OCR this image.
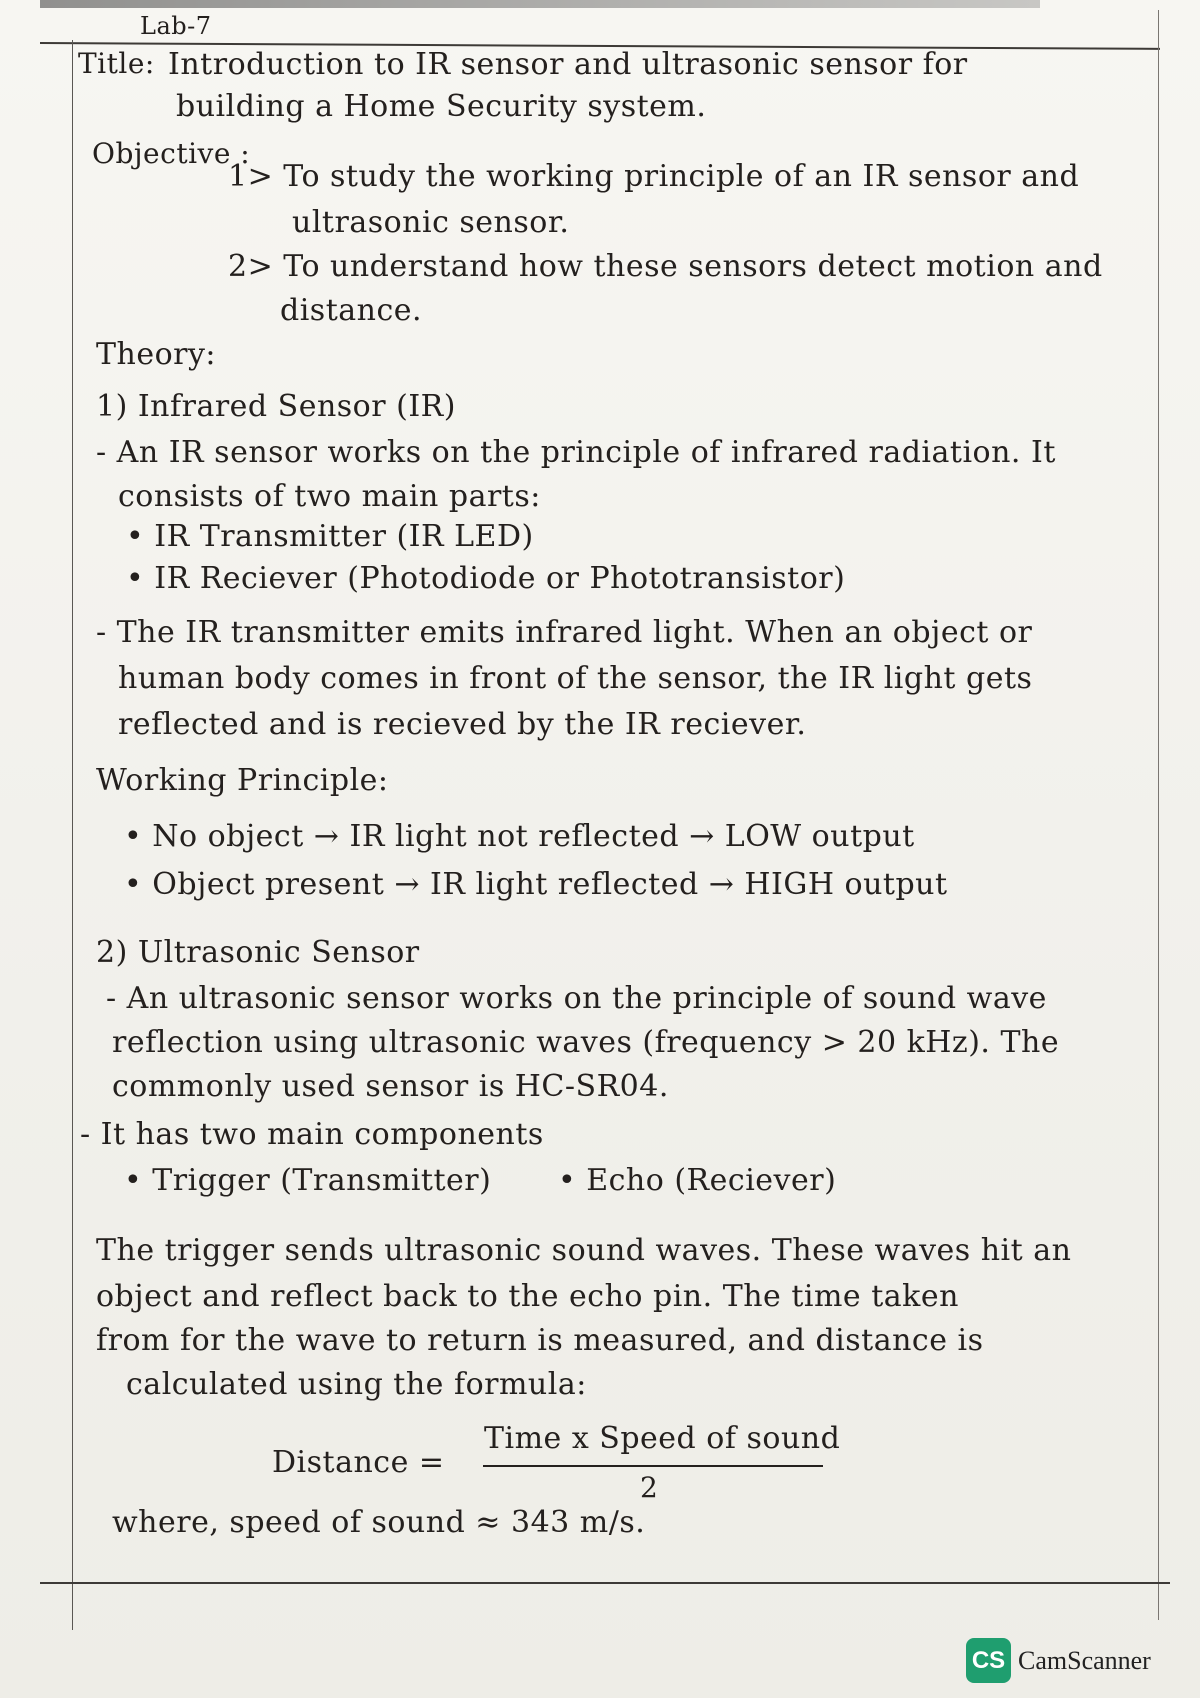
Lab-7

Title: Introduction to IR sensor and ultrasonic sensor for

building a Home Security system.

Objective :

1> To study the working principle of an IR sensor and

ultrasonic sensor.

2> To understand how these sensors detect motion and

distance.

Theory:

1) Infrared Sensor (IR)

- An IR sensor works on the principle of infrared radiation. It

consists of two main parts:

• IR Transmitter (IR LED)

• IR Reciever (Photodiode or Phototransistor)

- The IR transmitter emits infrared light. When an object or

human body comes in front of the sensor, the IR light gets

reflected and is recieved by the IR reciever.

Working Principle:

• No object → IR light not reflected → LOW output

• Object present → IR light reflected → HIGH output

2) Ultrasonic Sensor

- An ultrasonic sensor works on the principle of sound wave

reflection using ultrasonic waves (frequency > 20 kHz). The

commonly used sensor is HC-SR04.

- It has two main components

• Trigger (Transmitter) • Echo (Reciever)

The trigger sends ultrasonic sound waves. These waves hit an

object and reflect back to the echo pin. The time taken

from for the wave to return is measured, and distance is

calculated using the formula:

Distance =

Time x Speed of sound

2

where, speed of sound ≈ 343 m/s.

CS CamScanner
